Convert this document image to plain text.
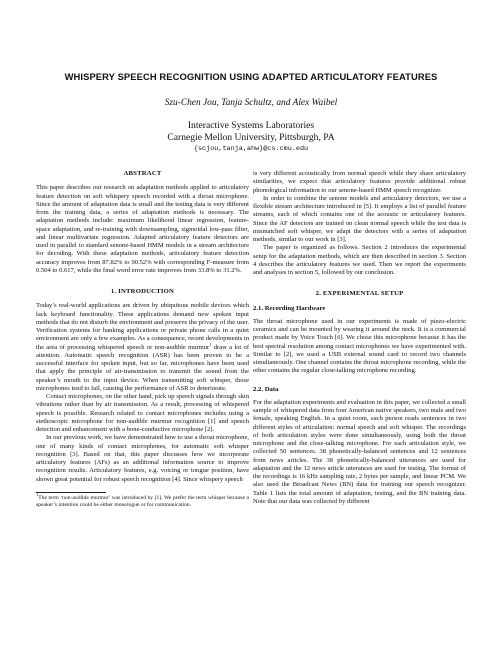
WHISPERY SPEECH RECOGNITION USING ADAPTED ARTICULATORY FEATURES
Szu-Chen Jou, Tanja Schultz, and Alex Waibel
Interactive Systems Laboratories
Carnegie Mellon University, Pittsburgh, PA
{scjou,tanja,ahw}@cs.cmu.edu
ABSTRACT

This paper describes our research on adaptation methods applied to articulatory feature detection on soft whispery speech recorded with a throat microphone. Since the amount of adaptation data is small and the testing data is very different from the training data, a series of adaptation methods is necessary. The adaptation methods include: maximum likelihood linear regression, feature-space adaptation, and re-training with downsampling, sigmoidal low-pass filter, and linear multivariate regression. Adapted articulatory feature detectors are used in parallel to standard senone-based HMM models in a stream architecture for decoding. With these adaptation methods, articulatory feature detection accuracy improves from 87.82% to 90.52% with corresponding F-measure from 0.504 to 0.617, while the final word error rate improves from 33.8% to 31.2%.

1. INTRODUCTION

Today’s real-world applications are driven by ubiquitous mobile devices which lack keyboard functionality. These applications demand new spoken input methods that do not disturb the environment and preserve the privacy of the user. Verification systems for banking applications or private phone calls in a quiet environment are only a few examples. As a consequence, recent developments in the area of processing whispered speech or non-audible murmur$^1$ draw a lot of attention. Automatic speech recognition (ASR) has been proven to be a successful interface for spoken input, but so far, microphones have been used that apply the principle of air-transmission to transmit the sound from the speaker’s mouth to the input device. When transmitting soft whisper, those microphones tend to fail, causing the performance of ASR to deteriorate.

Contact microphones, on the other hand, pick up speech signals through skin vibrations rather than by air transmission. As a result, processing of whispered speech is possible. Research related to contact microphones includes using a stethoscopic microphone for non-audible murmur recognition [1] and speech detection and enhancement with a bone-conductive microphone [2].

In our previous work, we have demonstrated how to use a throat microphone, one of many kinds of contact microphones, for automatic soft whisper recognition [3]. Based on that, this paper discusses how we incorporate articulatory features (AFs) as an additional information source to improve recognition results. Articulatory features, e.g. voicing or tongue position, have shown great potential for robust speech recognition [4]. Since whispery speech

$^1$The term ‘non-audible murmur’ was introduced by [1]. We prefer the term whisper because a speaker’s intention could be either monologue or for communication.

is very different acoustically from normal speech while they share articulatory similarities, we expect that articulatory features provide additional robust phonological information to our senone-based HMM speech recognizer.

In order to combine the senone models and articulatory detectors, we use a flexible stream architecture introduced in [5]. It employs a list of parallel feature streams, each of which contains one of the acoustic or articulatory features. Since the AF detectors are trained on clean normal speech while the test data is mismatched soft whisper, we adapt the detectors with a series of adaptation methods, similar to our work in [3].

The paper is organized as follows. Section 2 introduces the experimental setup for the adaptation methods, which are then described in section 3. Section 4 describes the articulatory features we used. Then we report the experiments and analyses in section 5, followed by our conclusion.

2. EXPERIMENTAL SETUP
2.1. Recording Hardware

The throat microphone used in our experiments is made of piezo-electric ceramics and can be mounted by wearing it around the neck. It is a commercial product made by Voice Touch [6]. We chose this microphone because it has the best spectral resolution among contact microphones we have experimented with. Similar to [2], we used a USB external sound card to record two channels simultaneously. One channel contains the throat microphone recording, while the other contains the regular close-talking microphone recording.

2.2. Data

For the adaptation experiments and evaluation in this paper, we collected a small sample of whispered data from four American native speakers, two male and two female, speaking English. In a quiet room, each person reads sentences in two different styles of articulation: normal speech and soft whisper. The recordings of both articulation styles were done simultaneously, using both the throat microphone and the close-talking microphone. For each articulation style, we collected 50 sentences. 38 phonetically-balanced sentences and 12 sentences from news articles. The 38 phonetically-balanced utterances are used for adaptation and the 12 news article utterances are used for testing. The format of the recordings is 16 kHz sampling rate, 2 bytes per sample, and linear PCM. We also used the Broadcast News (BN) data for training our speech recognizer. Table 1 lists the total amount of adaptation, testing, and the BN training data. Note that our data was collected by different
